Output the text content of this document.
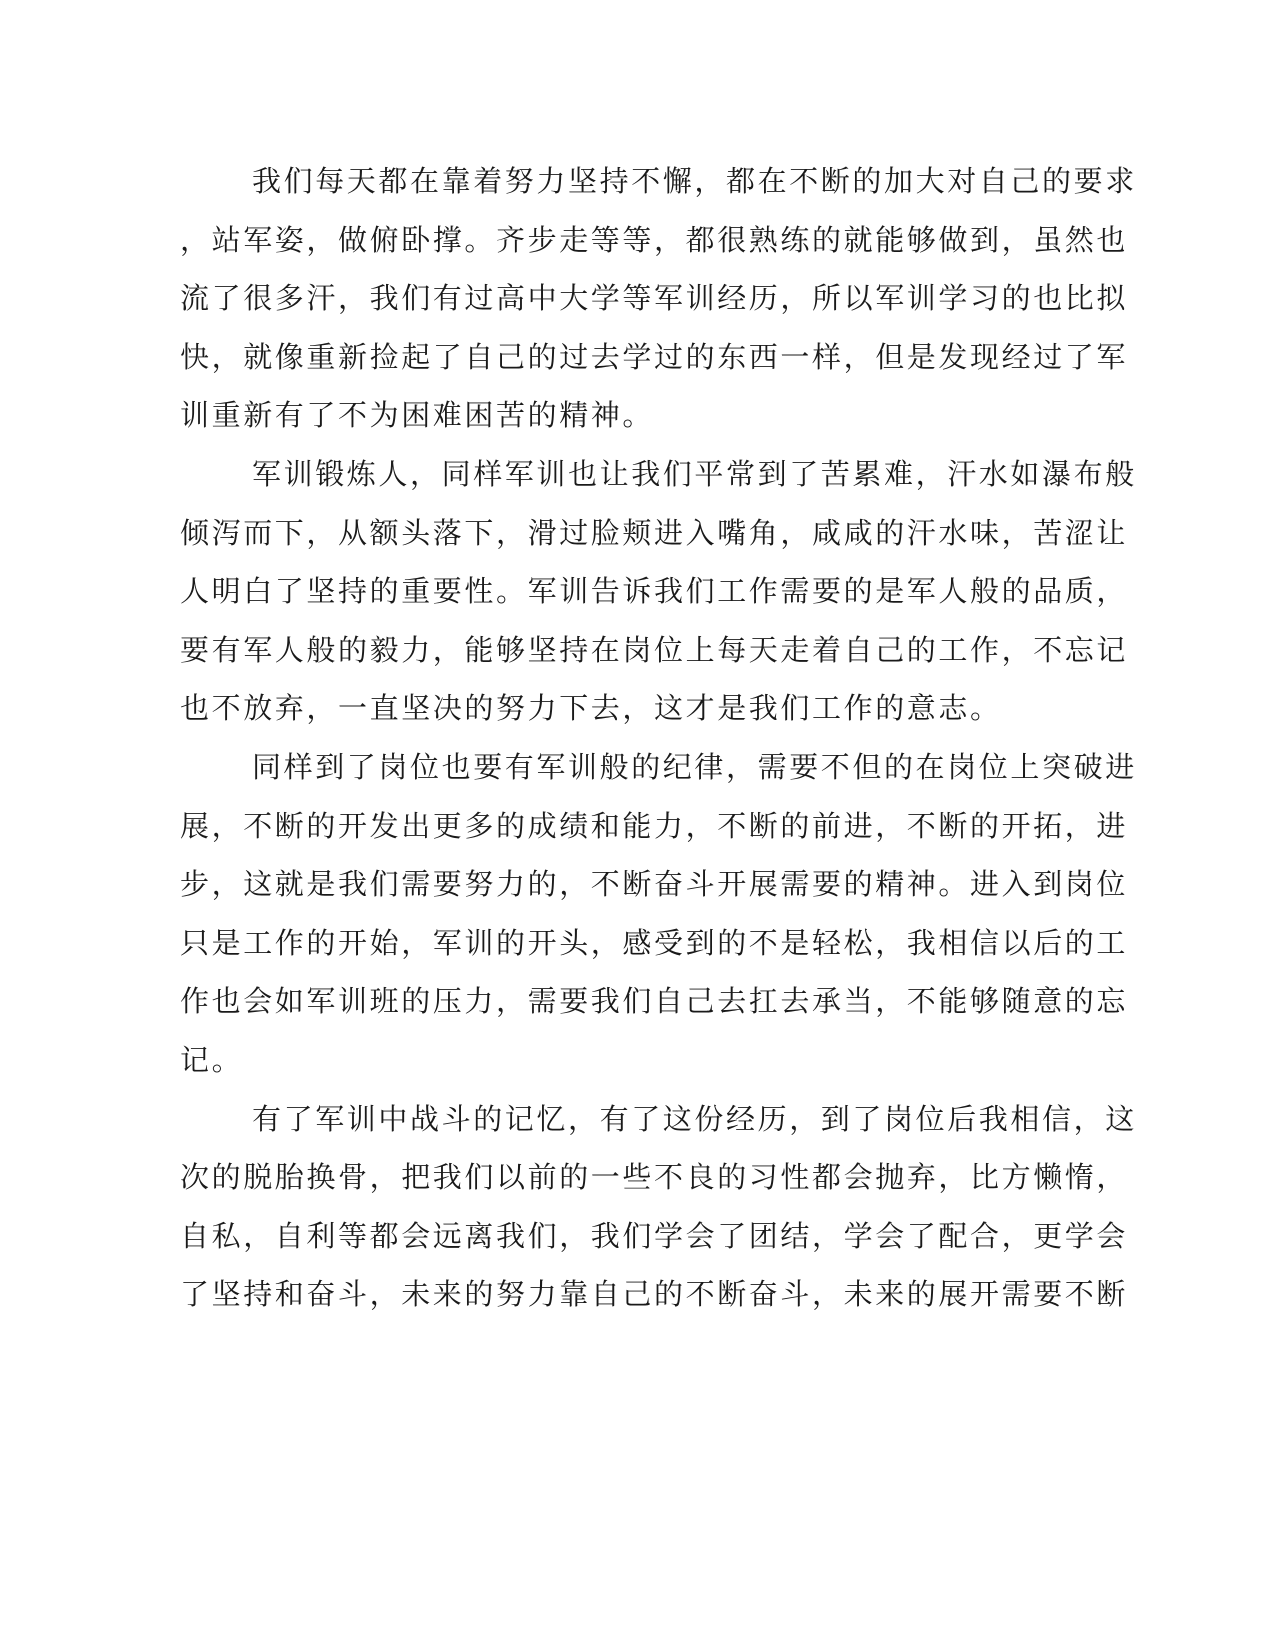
我们每天都在靠着努力坚持不懈，都在不断的加大对自己的要求
，站军姿，做俯卧撑。齐步走等等，都很熟练的就能够做到，虽然也
流了很多汗，我们有过高中大学等军训经历，所以军训学习的也比拟
快，就像重新捡起了自己的过去学过的东西一样，但是发现经过了军
训重新有了不为困难困苦的精神。
军训锻炼人，同样军训也让我们平常到了苦累难，汗水如瀑布般
倾泻而下，从额头落下，滑过脸颊进入嘴角，咸咸的汗水味，苦涩让
人明白了坚持的重要性。军训告诉我们工作需要的是军人般的品质，
要有军人般的毅力，能够坚持在岗位上每天走着自己的工作，不忘记
也不放弃，一直坚决的努力下去，这才是我们工作的意志。
同样到了岗位也要有军训般的纪律，需要不但的在岗位上突破进
展，不断的开发出更多的成绩和能力，不断的前进，不断的开拓，进
步，这就是我们需要努力的，不断奋斗开展需要的精神。进入到岗位
只是工作的开始，军训的开头，感受到的不是轻松，我相信以后的工
作也会如军训班的压力，需要我们自己去扛去承当，不能够随意的忘
记。
有了军训中战斗的记忆，有了这份经历，到了岗位后我相信，这
次的脱胎换骨，把我们以前的一些不良的习性都会抛弃，比方懒惰，
自私，自利等都会远离我们，我们学会了团结，学会了配合，更学会
了坚持和奋斗，未来的努力靠自己的不断奋斗，未来的展开需要不断
